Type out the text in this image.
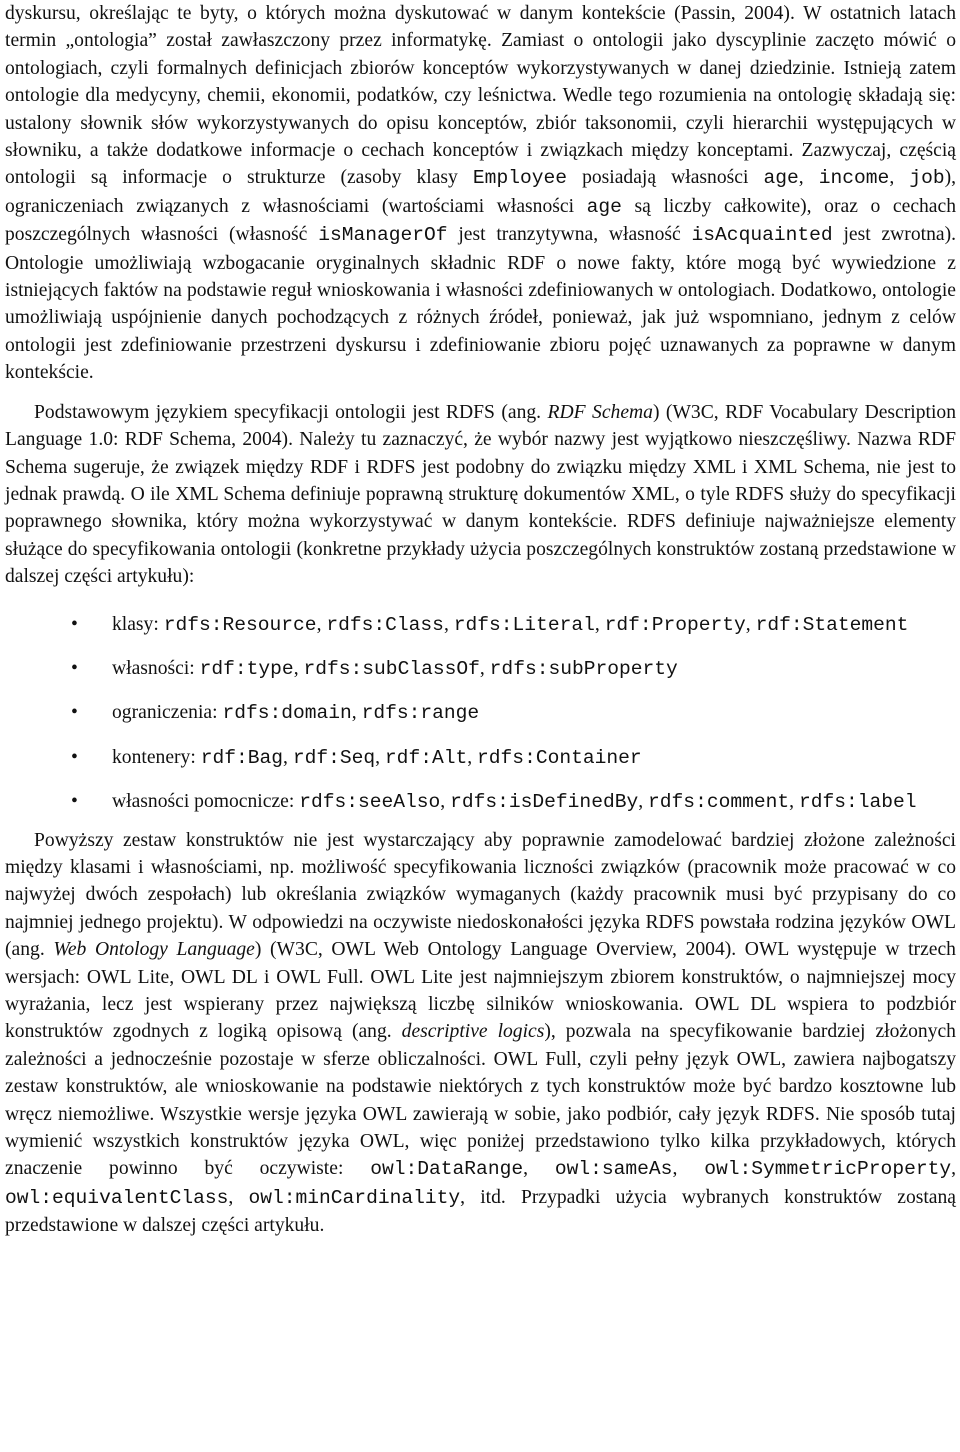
dyskursu, określając te byty, o których można dyskutować w danym kontekście (Passin, 2004). W ostatnich latach termin „ontologia” został zawłaszczony przez informatykę. Zamiast o ontologii jako dyscyplinie zaczęto mówić o ontologiach, czyli formalnych definicjach zbiorów konceptów wykorzystywanych w danej dziedzinie. Istnieją zatem ontologie dla medycyny, chemii, ekonomii, podatków, czy leśnictwa. Wedle tego rozumienia na ontologię składają się: ustalony słownik słów wykorzystywanych do opisu konceptów, zbiór taksonomii, czyli hierarchii występujących w słowniku, a także dodatkowe informacje o cechach konceptów i związkach między konceptami. Zazwyczaj, częścią ontologii są informacje o strukturze (zasoby klasy Employee posiadają własności age, income, job), ograniczeniach związanych z własnościami (wartościami własności age są liczby całkowite), oraz o cechach poszczególnych własności (własność isManagerOf jest tranzytywna, własność isAcquainted jest zwrotna). Ontologie umożliwiają wzbogacanie oryginalnych składnic RDF o nowe fakty, które mogą być wywiedzione z istniejących faktów na podstawie reguł wnioskowania i własności zdefiniowanych w ontologiach. Dodatkowo, ontologie umożliwiają uspójnienie danych pochodzących z różnych źródeł, ponieważ, jak już wspomniano, jednym z celów ontologii jest zdefiniowanie przestrzeni dyskursu i zdefiniowanie zbioru pojęć uznawanych za poprawne w danym kontekście.

Podstawowym językiem specyfikacji ontologii jest RDFS (ang. RDF Schema) (W3C, RDF Vocabulary Description Language 1.0: RDF Schema, 2004). Należy tu zaznaczyć, że wybór nazwy jest wyjątkowo nieszczęśliwy. Nazwa RDF Schema sugeruje, że związek między RDF i RDFS jest podobny do związku między XML i XML Schema, nie jest to jednak prawdą. O ile XML Schema definiuje poprawną strukturę dokumentów XML, o tyle RDFS służy do specyfikacji poprawnego słownika, który można wykorzystywać w danym kontekście. RDFS definiuje najważniejsze elementy służące do specyfikowania ontologii (konkretne przykłady użycia poszczególnych konstruktów zostaną przedstawione w dalszej części artykułu):

• klasy: rdfs:Resource, rdfs:Class, rdfs:Literal, rdf:Property, rdf:Statement
• własności: rdf:type, rdfs:subClassOf, rdfs:subProperty
• ograniczenia: rdfs:domain, rdfs:range
• kontenery: rdf:Bag, rdf:Seq, rdf:Alt, rdfs:Container
• własności pomocnicze: rdfs:seeAlso, rdfs:isDefinedBy, rdfs:comment, rdfs:label

Powyższy zestaw konstruktów nie jest wystarczający aby poprawnie zamodelować bardziej złożone zależności między klasami i własnościami, np. możliwość specyfikowania liczności związków (pracownik może pracować w co najwyżej dwóch zespołach) lub określania związków wymaganych (każdy pracownik musi być przypisany do co najmniej jednego projektu). W odpowiedzi na oczywiste niedoskonałości języka RDFS powstała rodzina języków OWL (ang. Web Ontology Language) (W3C, OWL Web Ontology Language Overview, 2004). OWL występuje w trzech wersjach: OWL Lite, OWL DL i OWL Full. OWL Lite jest najmniejszym zbiorem konstruktów, o najmniejszej mocy wyrażania, lecz jest wspierany przez największą liczbę silników wnioskowania. OWL DL wspiera to podzbiór konstruktów zgodnych z logiką opisową (ang. descriptive logics), pozwala na specyfikowanie bardziej złożonych zależności a jednocześnie pozostaje w sferze obliczalności. OWL Full, czyli pełny język OWL, zawiera najbogatszy zestaw konstruktów, ale wnioskowanie na podstawie niektórych z tych konstruktów może być bardzo kosztowne lub wręcz niemożliwe. Wszystkie wersje języka OWL zawierają w sobie, jako podbiór, cały język RDFS. Nie sposób tutaj wymienić wszystkich konstruktów języka OWL, więc poniżej przedstawiono tylko kilka przykładowych, których znaczenie powinno być oczywiste: owl:DataRange, owl:sameAs, owl:SymmetricProperty, owl:equivalentClass, owl:minCardinality, itd. Przypadki użycia wybranych konstruktów zostaną przedstawione w dalszej części artykułu.
